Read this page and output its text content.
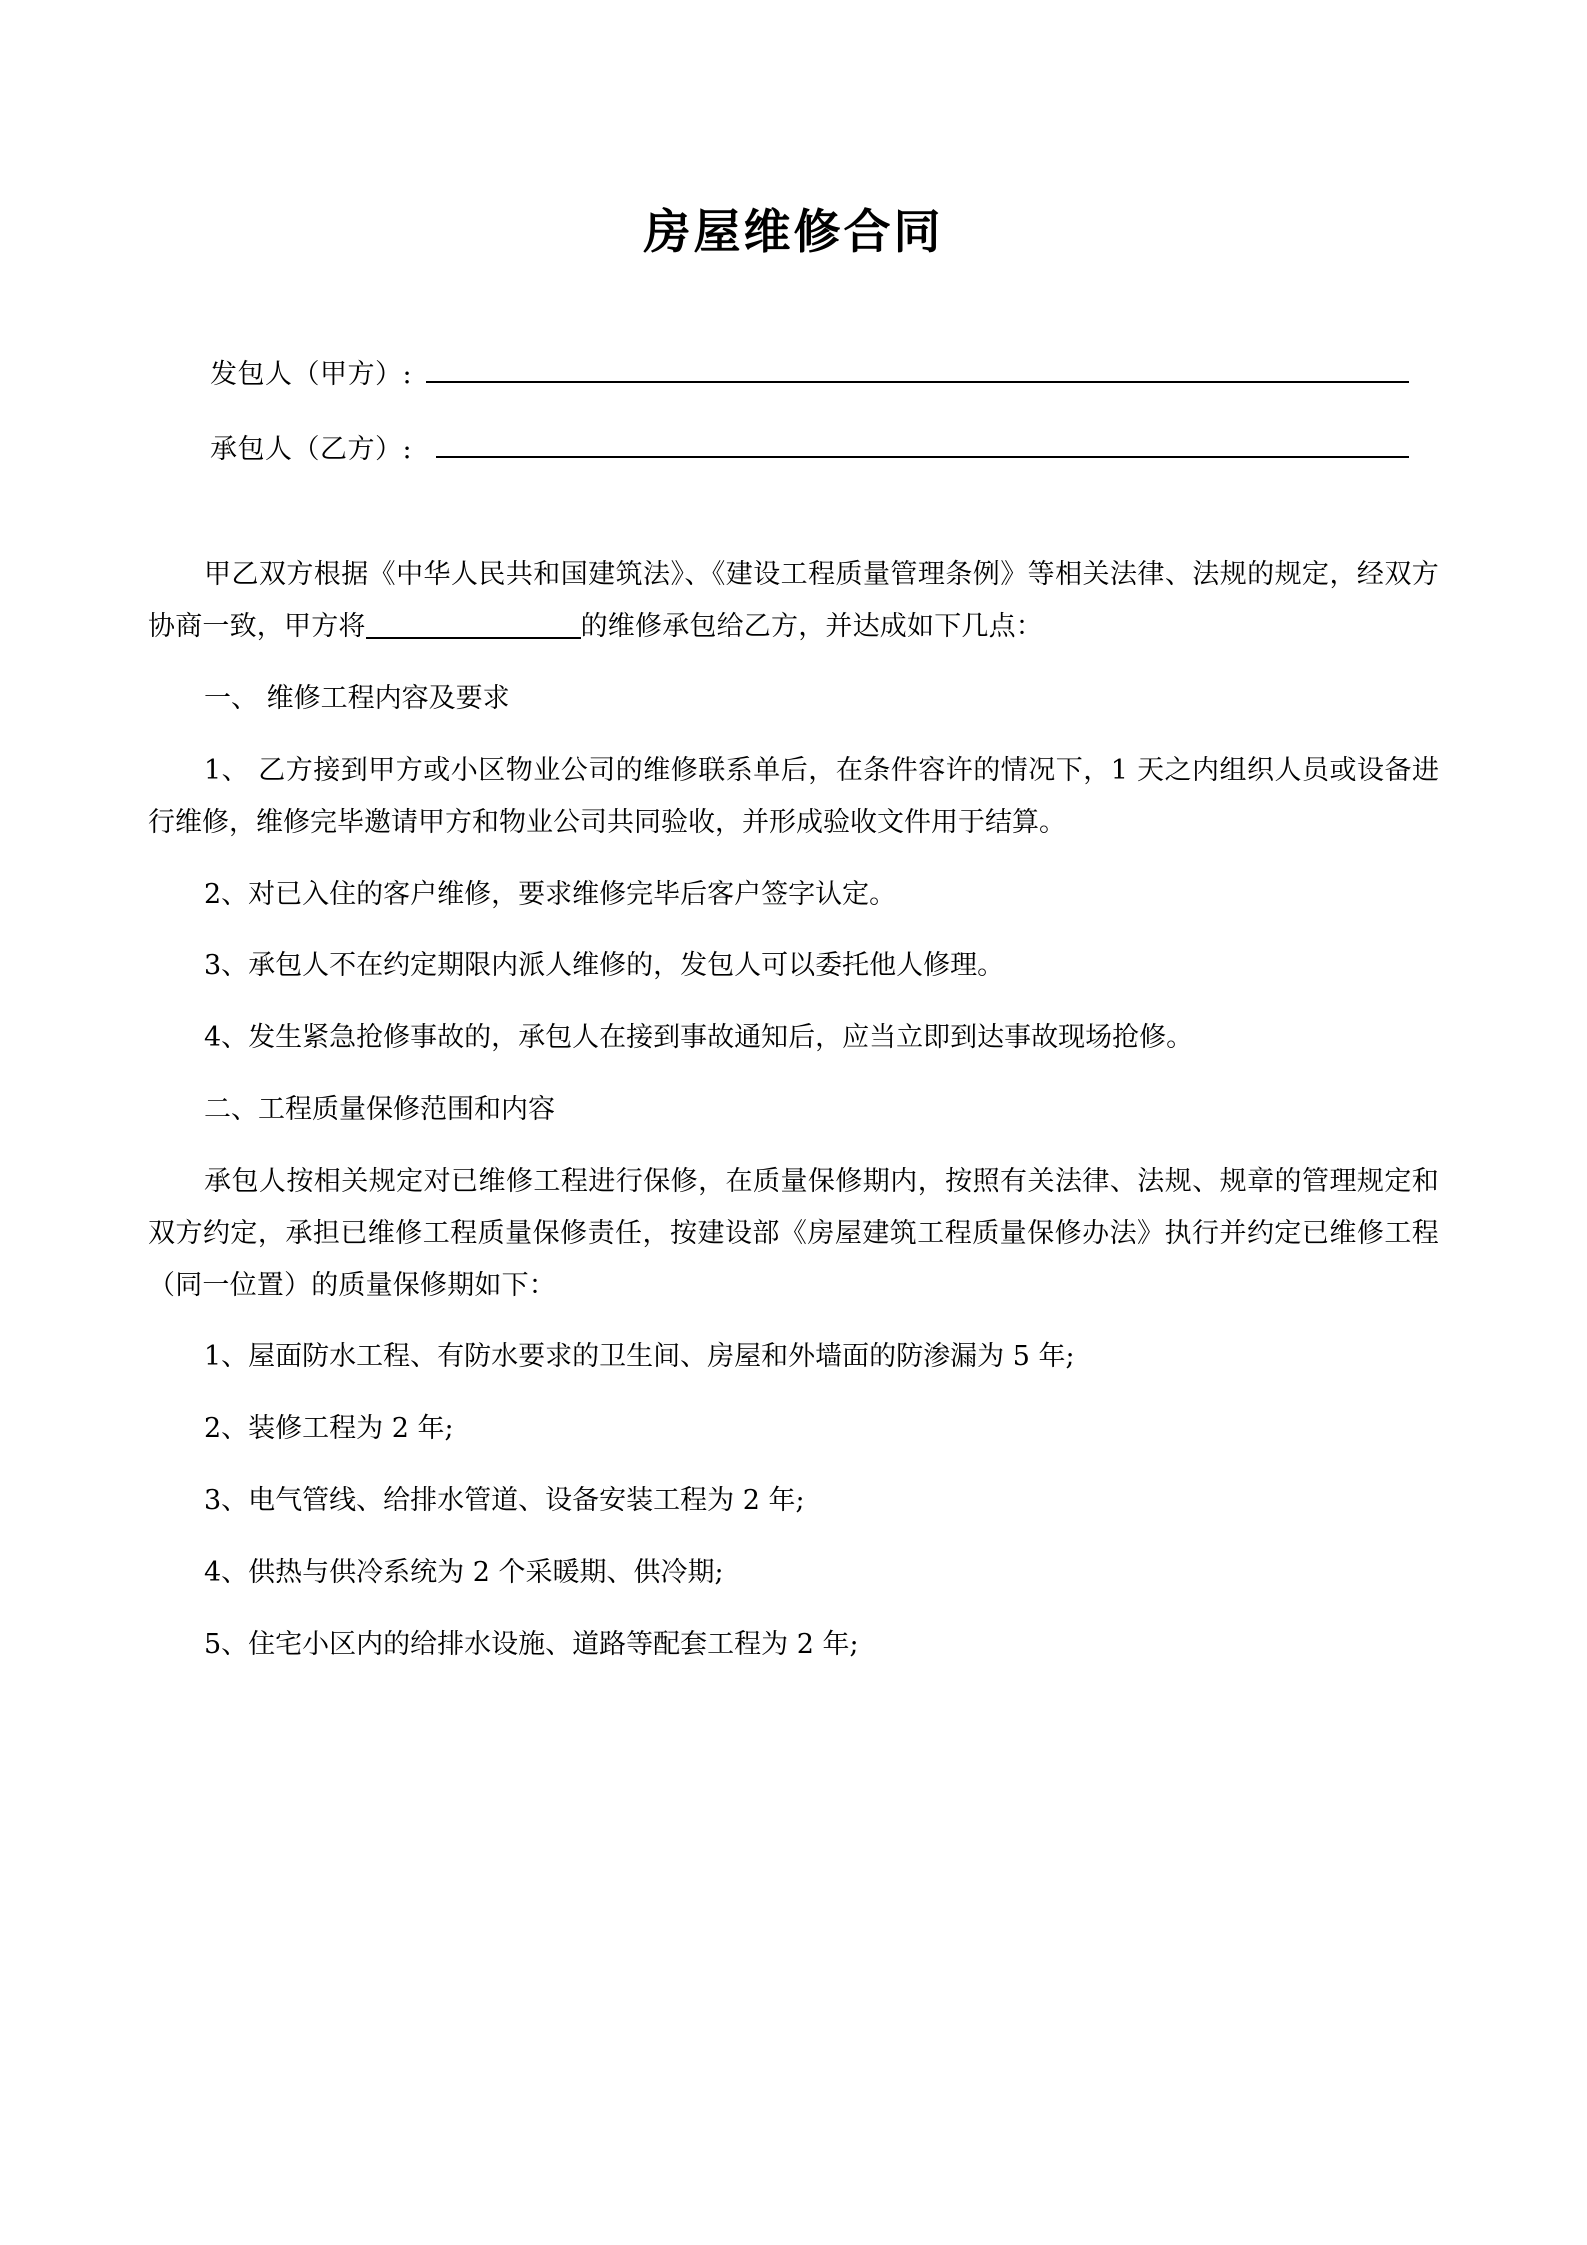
房屋维修合同
发包人（甲方）:
承包人（乙方）:

甲乙双方根据《中华人民共和国建筑法》、《建设工程质量管理条例》等相关法律、法规的规定，经双方协商一致，甲方将	的维修承包给乙方，并达成如下几点：

一、 维修工程内容及要求

1、 乙方接到甲方或小区物业公司的维修联系单后，在条件容许的情况下，1 天之内组织人员或设备进行维修，维修完毕邀请甲方和物业公司共同验收，并形成验收文件用于结算。

2、对已入住的客户维修，要求维修完毕后客户签字认定。

3、承包人不在约定期限内派人维修的，发包人可以委托他人修理。

4、发生紧急抢修事故的，承包人在接到事故通知后，应当立即到达事故现场抢修。

二、工程质量保修范围和内容

承包人按相关规定对已维修工程进行保修，在质量保修期内，按照有关法律、法规、规章的管理规定和双方约定，承担已维修工程质量保修责任，按建设部《房屋建筑工程质量保修办法》执行并约定已维修工程（同一位置）的质量保修期如下：

1、屋面防水工程、有防水要求的卫生间、房屋和外墙面的防渗漏为 5 年;

2、装修工程为 2 年;

3、电气管线、给排水管道、设备安装工程为 2 年;

4、供热与供冷系统为 2 个采暖期、供冷期;

5、住宅小区内的给排水设施、道路等配套工程为 2 年;
